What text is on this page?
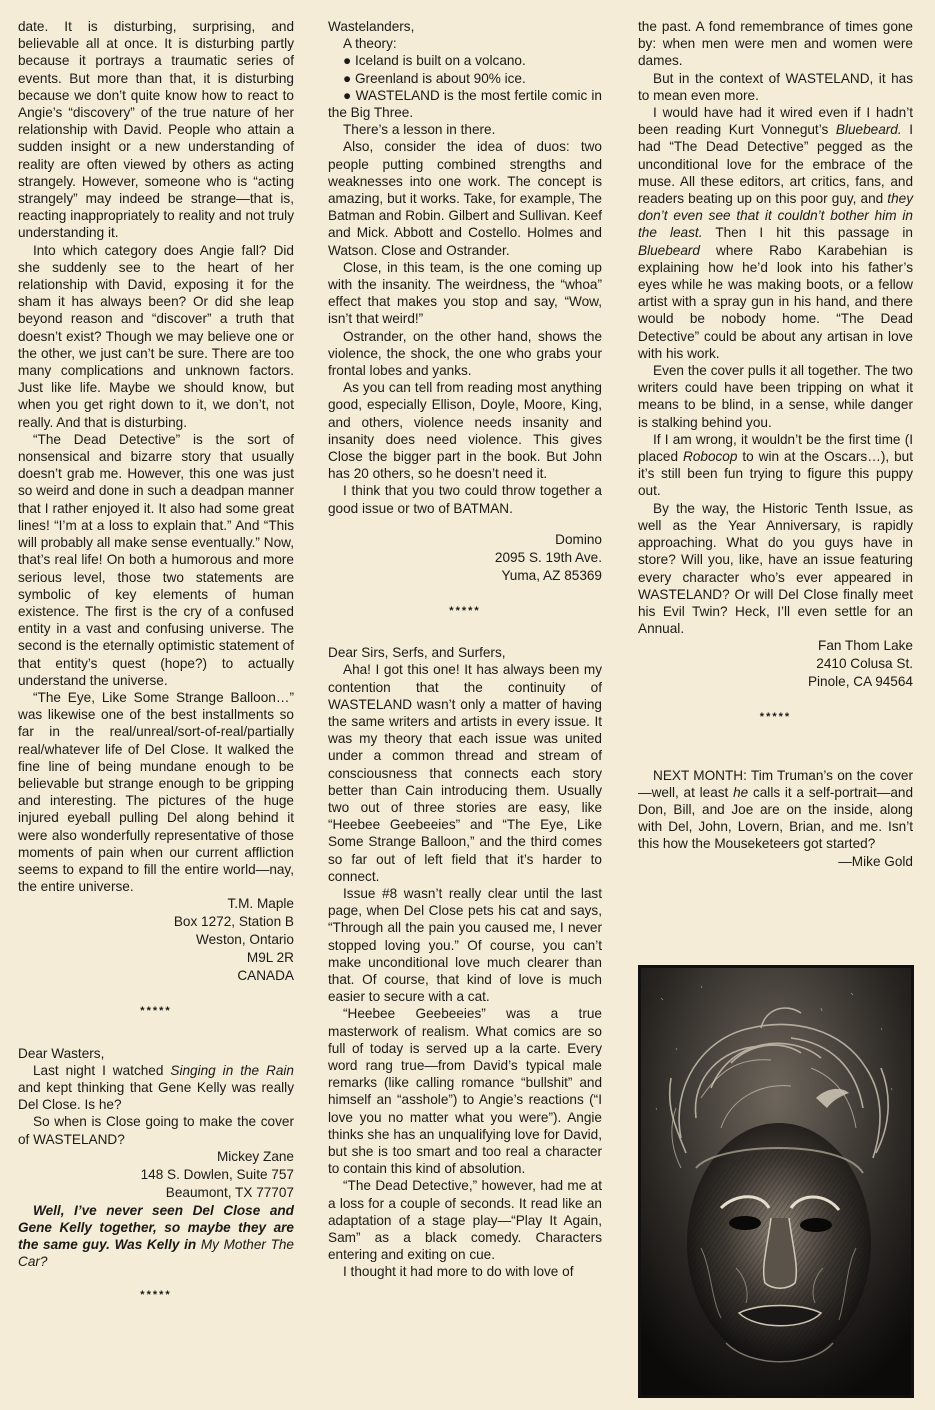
date. It is disturbing, surprising, and believable all at once. It is disturbing partly because it portrays a traumatic series of events. But more than that, it is disturbing because we don’t quite know how to react to Angie’s “discovery” of the true nature of her relationship with David. People who attain a sudden insight or a new understanding of reality are often viewed by others as acting strangely. However, someone who is “acting strangely” may indeed be strange—that is, reacting inappropriately to reality and not truly understanding it.

Into which category does Angie fall? Did she suddenly see to the heart of her relationship with David, exposing it for the sham it has always been? Or did she leap beyond reason and “discover” a truth that doesn’t exist? Though we may believe one or the other, we just can’t be sure. There are too many complications and unknown factors. Just like life. Maybe we should know, but when you get right down to it, we don’t, not really. And that is disturbing.

“The Dead Detective” is the sort of nonsensical and bizarre story that usually doesn’t grab me. However, this one was just so weird and done in such a deadpan manner that I rather enjoyed it. It also had some great lines! “I’m at a loss to explain that.” And “This will probably all make sense eventually.” Now, that’s real life! On both a humorous and more serious level, those two statements are symbolic of key elements of human existence. The first is the cry of a confused entity in a vast and confusing universe. The second is the eternally optimistic statement of that entity’s quest (hope?) to actually understand the universe.

“The Eye, Like Some Strange Balloon…” was likewise one of the best installments so far in the real/unreal/sort-of-real/partially real/whatever life of Del Close. It walked the fine line of being mundane enough to be believable but strange enough to be gripping and interesting. The pictures of the huge injured eyeball pulling Del along behind it were also wonderfully representative of those moments of pain when our current affliction seems to expand to fill the entire world—nay, the entire universe.

T.M. Maple
Box 1272, Station B
Weston, Ontario
M9L 2R
CANADA
*****

Dear Wasters,

Last night I watched Singing in the Rain and kept thinking that Gene Kelly was really Del Close. Is he?

So when is Close going to make the cover of WASTELAND?

Mickey Zane
148 S. Dowlen, Suite 757
Beaumont, TX 77707

Well, I’ve never seen Del Close and Gene Kelly together, so maybe they are the same guy. Was Kelly in My Mother The Car?

*****

Wastelanders,

A theory:

● Iceland is built on a volcano.

● Greenland is about 90% ice.

● WASTELAND is the most fertile comic in the Big Three.

There’s a lesson in there.

Also, consider the idea of duos: two people putting combined strengths and weaknesses into one work. The concept is amazing, but it works. Take, for example, The Batman and Robin. Gilbert and Sullivan. Keef and Mick. Abbott and Costello. Holmes and Watson. Close and Ostrander.

Close, in this team, is the one coming up with the insanity. The weirdness, the “whoa” effect that makes you stop and say, “Wow, isn’t that weird!”

Ostrander, on the other hand, shows the violence, the shock, the one who grabs your frontal lobes and yanks.

As you can tell from reading most anything good, especially Ellison, Doyle, Moore, King, and others, violence needs insanity and insanity does need violence. This gives Close the bigger part in the book. But John has 20 others, so he doesn’t need it.

I think that you two could throw together a good issue or two of BATMAN.

Domino
2095 S. 19th Ave.
Yuma, AZ 85369
*****

Dear Sirs, Serfs, and Surfers,

Aha! I got this one! It has always been my contention that the continuity of WASTELAND wasn’t only a matter of having the same writers and artists in every issue. It was my theory that each issue was united under a common thread and stream of consciousness that connects each story better than Cain introducing them. Usually two out of three stories are easy, like “Heebee Geebeeies” and “The Eye, Like Some Strange Balloon,” and the third comes so far out of left field that it’s harder to connect.

Issue #8 wasn’t really clear until the last page, when Del Close pets his cat and says, “Through all the pain you caused me, I never stopped loving you.” Of course, you can’t make unconditional love much clearer than that. Of course, that kind of love is much easier to secure with a cat.

“Heebee Geebeeies” was a true masterwork of realism. What comics are so full of today is served up a la carte. Every word rang true—from David’s typical male remarks (like calling romance “bullshit” and himself an “asshole”) to Angie’s reactions (“I love you no matter what you were”). Angie thinks she has an unqualifying love for David, but she is too smart and too real a character to contain this kind of absolution.

“The Dead Detective,” however, had me at a loss for a couple of seconds. It read like an adaptation of a stage play—“Play It Again, Sam” as a black comedy. Characters entering and exiting on cue.

I thought it had more to do with love of

the past. A fond remembrance of times gone by: when men were men and women were dames.

But in the context of WASTELAND, it has to mean even more.

I would have had it wired even if I hadn’t been reading Kurt Vonnegut’s Bluebeard. I had “The Dead Detective” pegged as the unconditional love for the embrace of the muse. All these editors, art critics, fans, and readers beating up on this poor guy, and they don’t even see that it couldn’t bother him in the least. Then I hit this passage in Bluebeard where Rabo Karabehian is explaining how he’d look into his father’s eyes while he was making boots, or a fellow artist with a spray gun in his hand, and there would be nobody home. “The Dead Detective” could be about any artisan in love with his work.

Even the cover pulls it all together. The two writers could have been tripping on what it means to be blind, in a sense, while danger is stalking behind you.

If I am wrong, it wouldn’t be the first time (I placed Robocop to win at the Oscars…), but it’s still been fun trying to figure this puppy out.

By the way, the Historic Tenth Issue, as well as the Year Anniversary, is rapidly approaching. What do you guys have in store? Will you, like, have an issue featuring every character who’s ever appeared in WASTELAND? Or will Del Close finally meet his Evil Twin? Heck, I’ll even settle for an Annual.

Fan Thom Lake
2410 Colusa St.
Pinole, CA 94564
*****

NEXT MONTH: Tim Truman’s on the cover—well, at least he calls it a self-portrait—and Don, Bill, and Joe are on the inside, along with Del, John, Lovern, Brian, and me. Isn’t this how the Mouseketeers got started?

—Mike Gold
